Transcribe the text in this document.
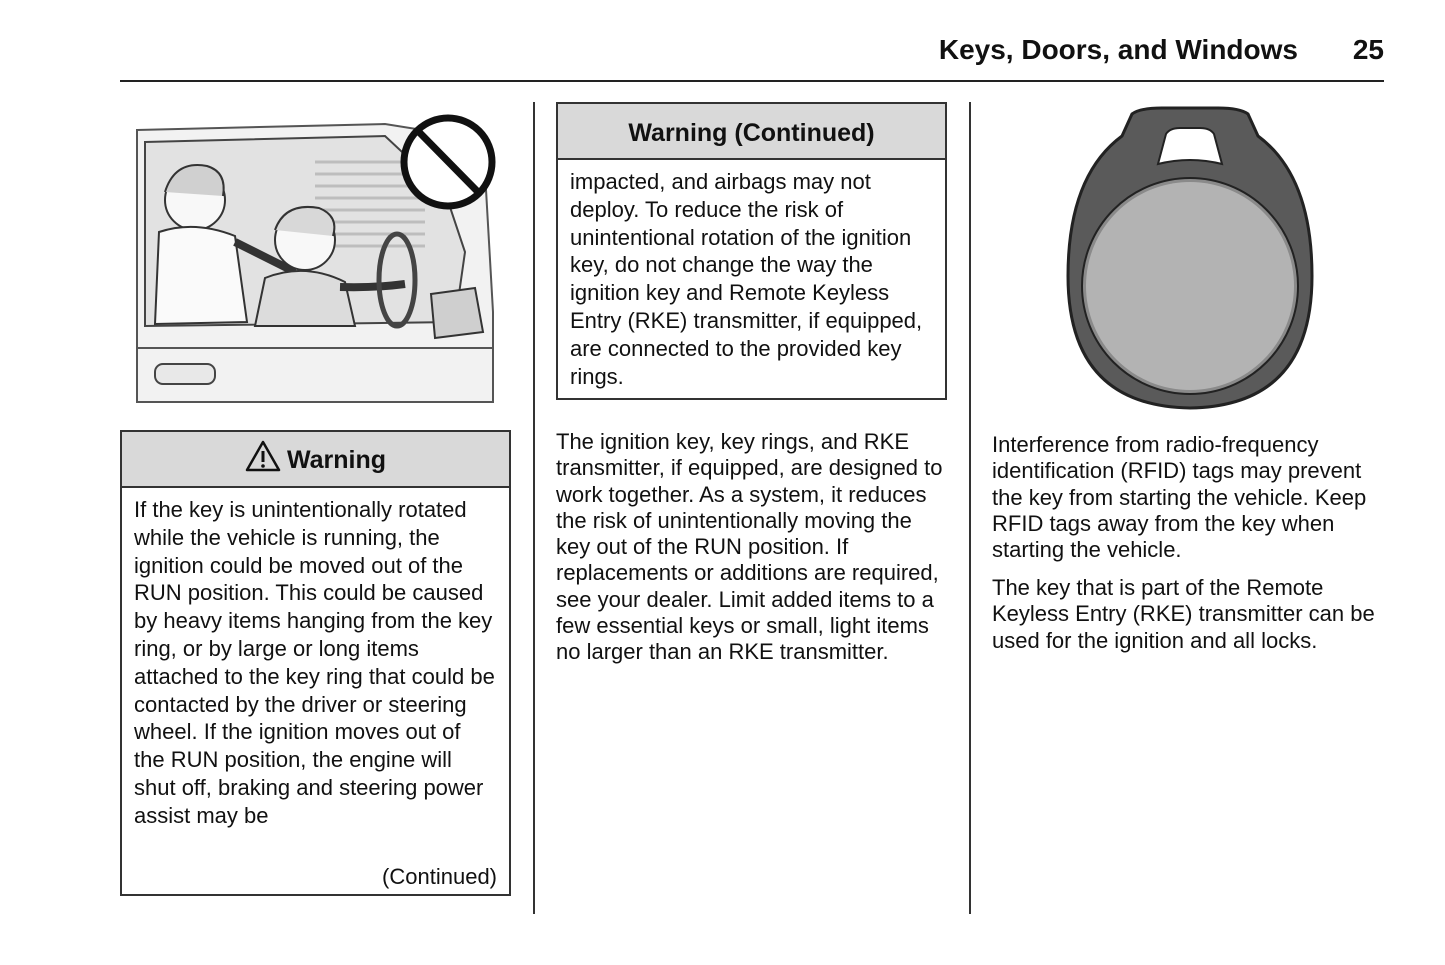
Keys, Doors, and Windows 25
Warning
If the key is unintentionally rotated while the vehicle is running, the ignition could be moved out of the RUN position. This could be caused by heavy items hanging from the key ring, or by large or long items attached to the key ring that could be contacted by the driver or steering wheel. If the ignition moves out of the RUN position, the engine will shut off, braking and steering power assist may be
(Continued)
Warning (Continued)
impacted, and airbags may not deploy. To reduce the risk of unintentional rotation of the ignition key, do not change the way the ignition key and Remote Keyless Entry (RKE) transmitter, if equipped, are connected to the provided key rings.

The ignition key, key rings, and RKE transmitter, if equipped, are designed to work together. As a system, it reduces the risk of unintentionally moving the key out of the RUN position. If replacements or additions are required, see your dealer. Limit added items to a few essential keys or small, light items no larger than an RKE transmitter.

Interference from radio-frequency identification (RFID) tags may prevent the key from starting the vehicle. Keep RFID tags away from the key when starting the vehicle.

The key that is part of the Remote Keyless Entry (RKE) transmitter can be used for the ignition and all locks.
